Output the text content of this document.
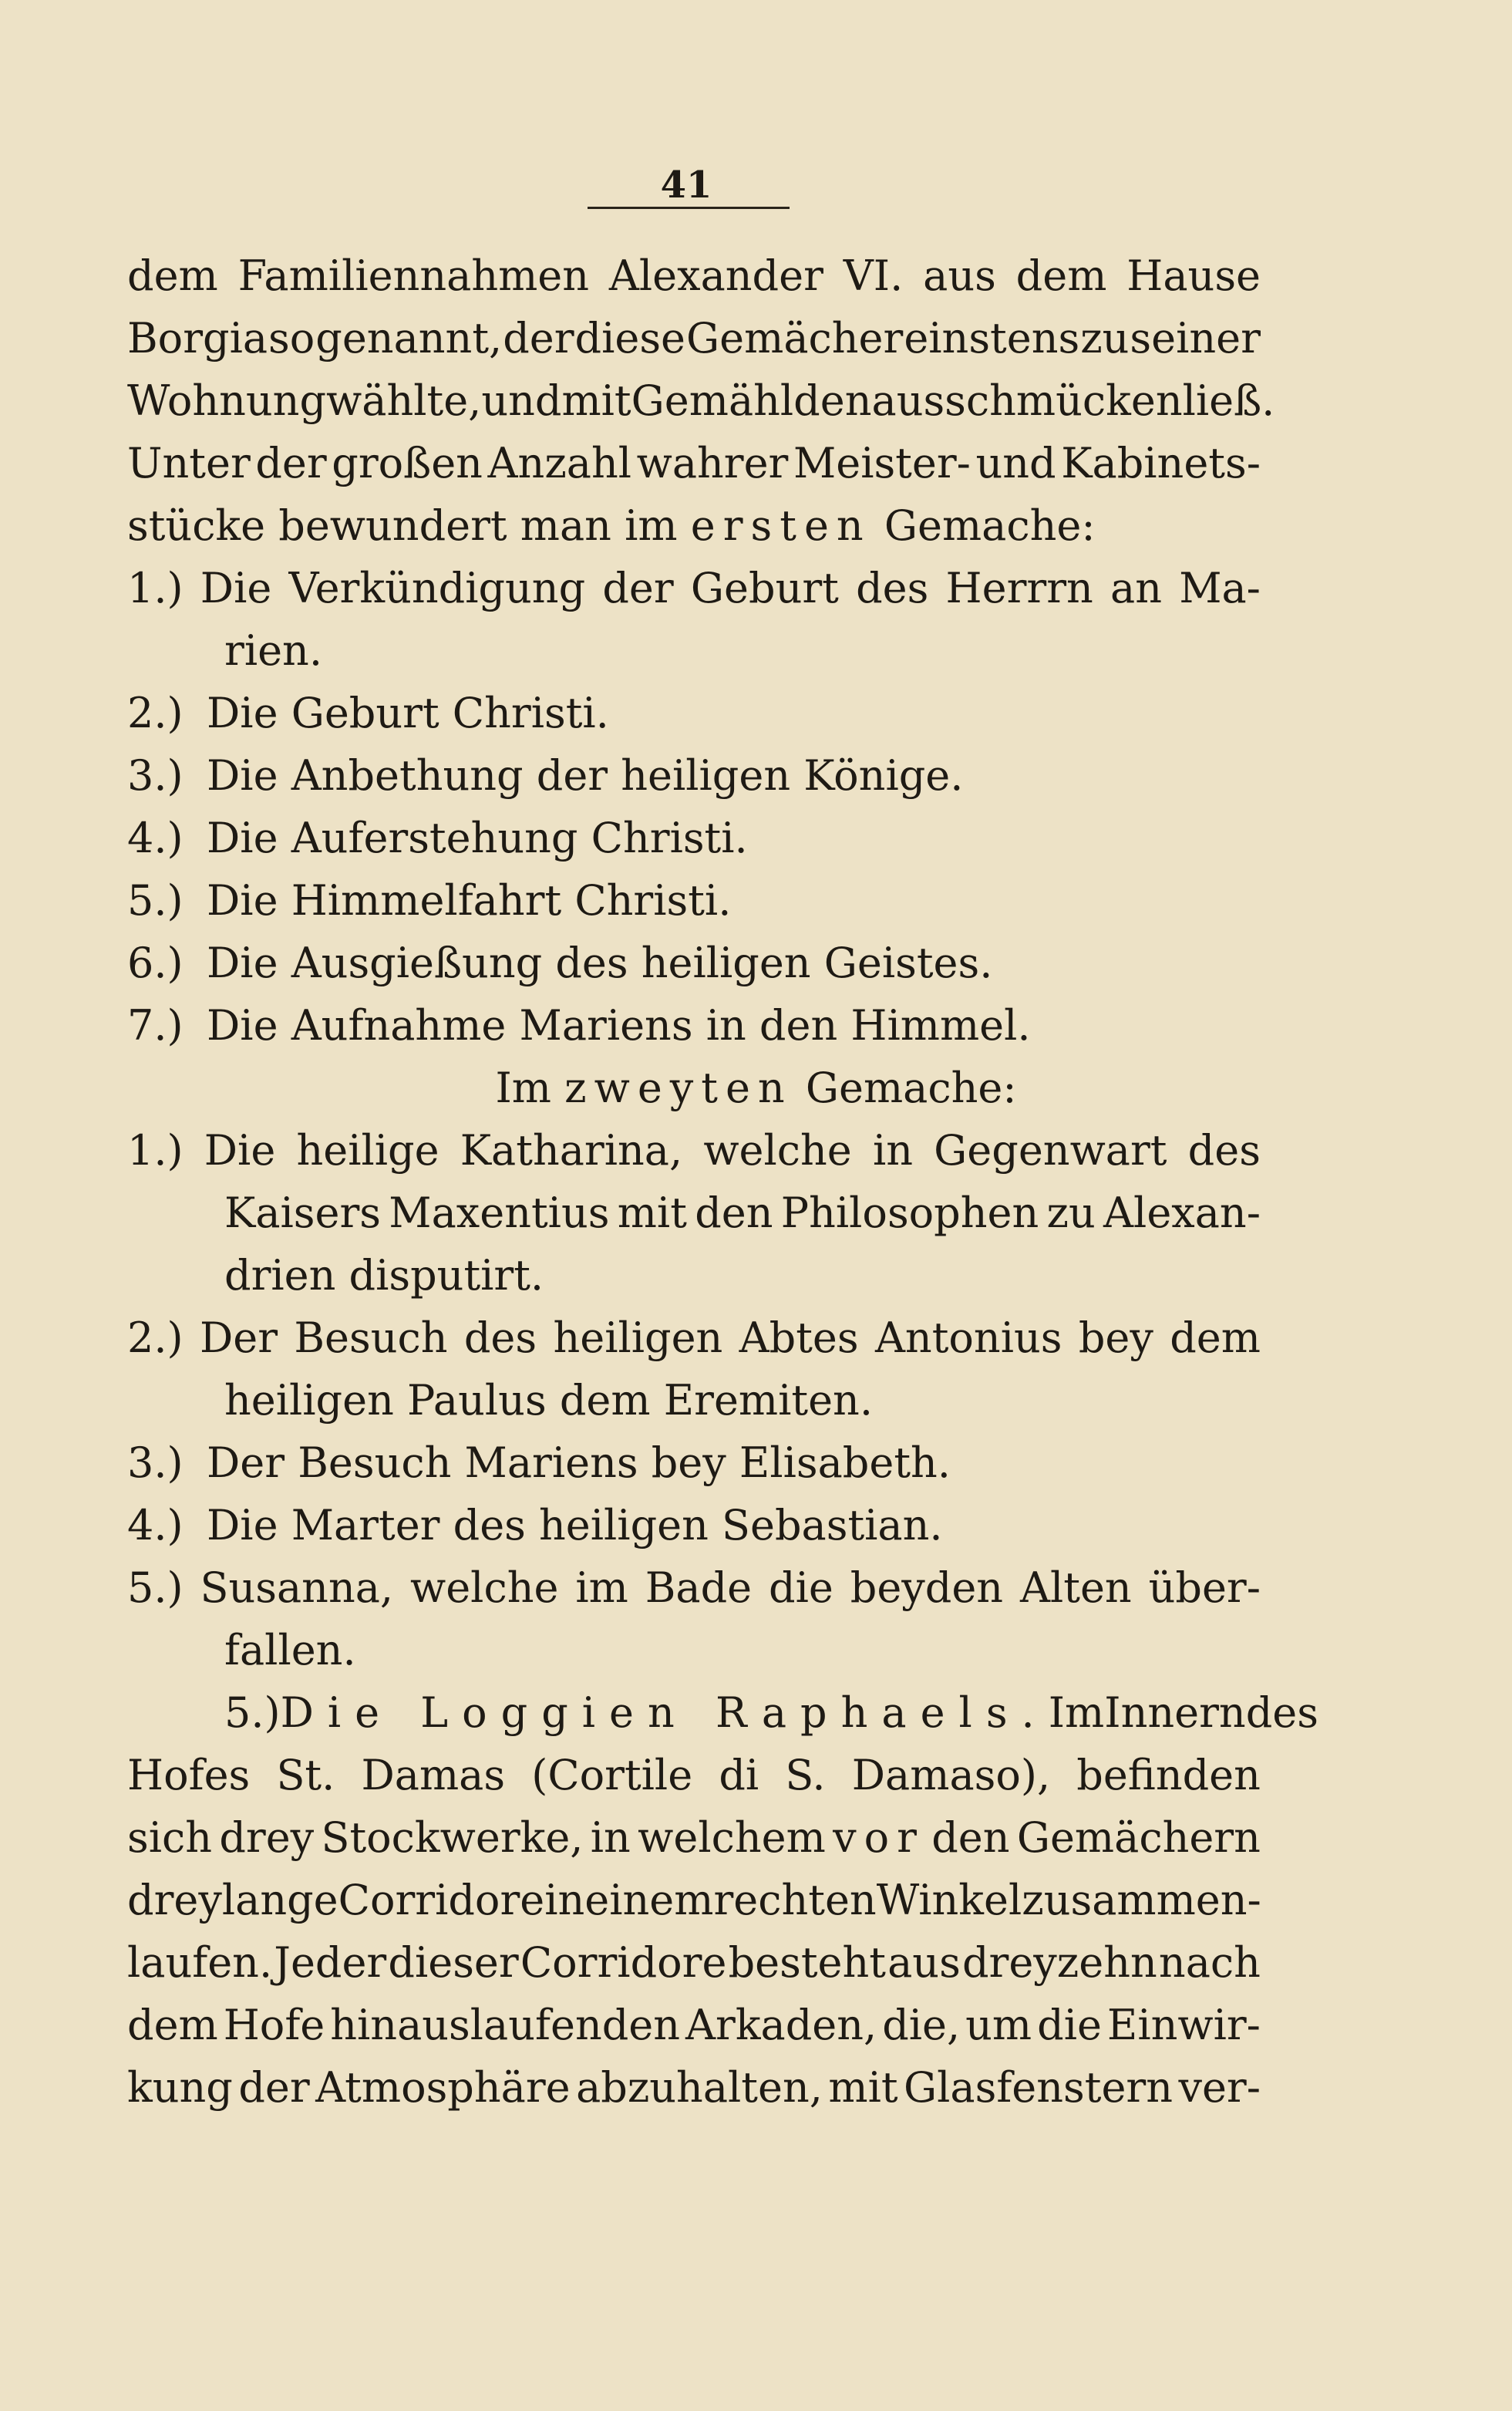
41
dem Familiennahmen Alexander VI. aus dem Hause
Borgia so genannt, der diese Gemächer einstens zu seiner
Wohnung wählte, und mit Gemählden ausschmücken ließ.
Unter der großen Anzahl wahrer Meister- und Kabinets-
stücke bewundert man im ersten Gemache:
1.) Die Verkündigung der Geburt des Herrrn an Ma-
rien.
2.) Die Geburt Christi.
3.) Die Anbethung der heiligen Könige.
4.) Die Auferstehung Christi.
5.) Die Himmelfahrt Christi.
6.) Die Ausgießung des heiligen Geistes.
7.) Die Aufnahme Mariens in den Himmel.
Im zweyten Gemache:
1.) Die heilige Katharina, welche in Gegenwart des
Kaisers Maxentius mit den Philosophen zu Alexan-
drien disputirt.
2.) Der Besuch des heiligen Abtes Antonius bey dem
heiligen Paulus dem Eremiten.
3.) Der Besuch Mariens bey Elisabeth.
4.) Die Marter des heiligen Sebastian.
5.) Susanna, welche im Bade die beyden Alten über-
fallen.
5.) Die Loggien Raphaels. Im Innern des
Hofes St. Damas (Cortile di S. Damaso), befinden
sich drey Stockwerke, in welchem vor den Gemächern
drey lange Corridore in einem rechten Winkel zusammen-
laufen. Jeder dieser Corridore besteht aus dreyzehn nach
dem Hofe hinauslaufenden Arkaden, die, um die Einwir-
kung der Atmosphäre abzuhalten, mit Glasfenstern ver-
